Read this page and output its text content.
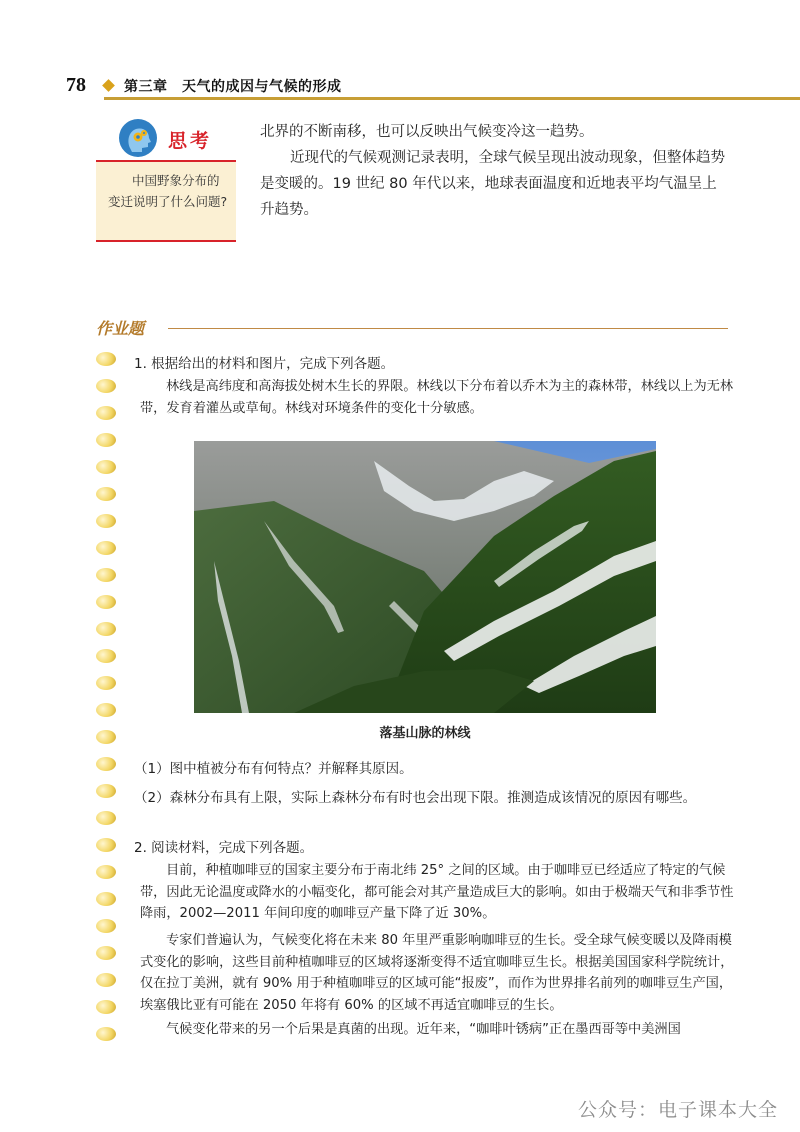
78	第三章　天气的成因与气候的形成
思考
中国野象分布的变迁说明了什么问题?

北界的不断南移，也可以反映出气候变冷这一趋势。

近现代的气候观测记录表明，全球气候呈现出波动现象，但整体趋势是变暖的。19 世纪 80 年代以来，地球表面温度和近地表平均气温呈上升趋势。

作业题
1. 根据给出的材料和图片，完成下列各题。

林线是高纬度和高海拔处树木生长的界限。林线以下分布着以乔木为主的森林带，林线以上为无林带，发育着灌丛或草甸。林线对环境条件的变化十分敏感。

落基山脉的林线
（1）图中植被分布有何特点？并解释其原因。
（2）森林分布具有上限，实际上森林分布有时也会出现下限。推测造成该情况的原因有哪些。
2. 阅读材料，完成下列各题。

目前，种植咖啡豆的国家主要分布于南北纬 25° 之间的区域。由于咖啡豆已经适应了特定的气候带，因此无论温度或降水的小幅变化，都可能会对其产量造成巨大的影响。如由于极端天气和非季节性降雨，2002—2011 年间印度的咖啡豆产量下降了近 30%。

专家们普遍认为，气候变化将在未来 80 年里严重影响咖啡豆的生长。受全球气候变暖以及降雨模式变化的影响，这些目前种植咖啡豆的区域将逐渐变得不适宜咖啡豆生长。根据美国国家科学院统计，仅在拉丁美洲，就有 90% 用于种植咖啡豆的区域可能“报废”，而作为世界排名前列的咖啡豆生产国，埃塞俄比亚有可能在 2050 年将有 60% 的区域不再适宜咖啡豆的生长。

气候变化带来的另一个后果是真菌的出现。近年来，“咖啡叶锈病”正在墨西哥等中美洲国

公众号：电子课本大全
